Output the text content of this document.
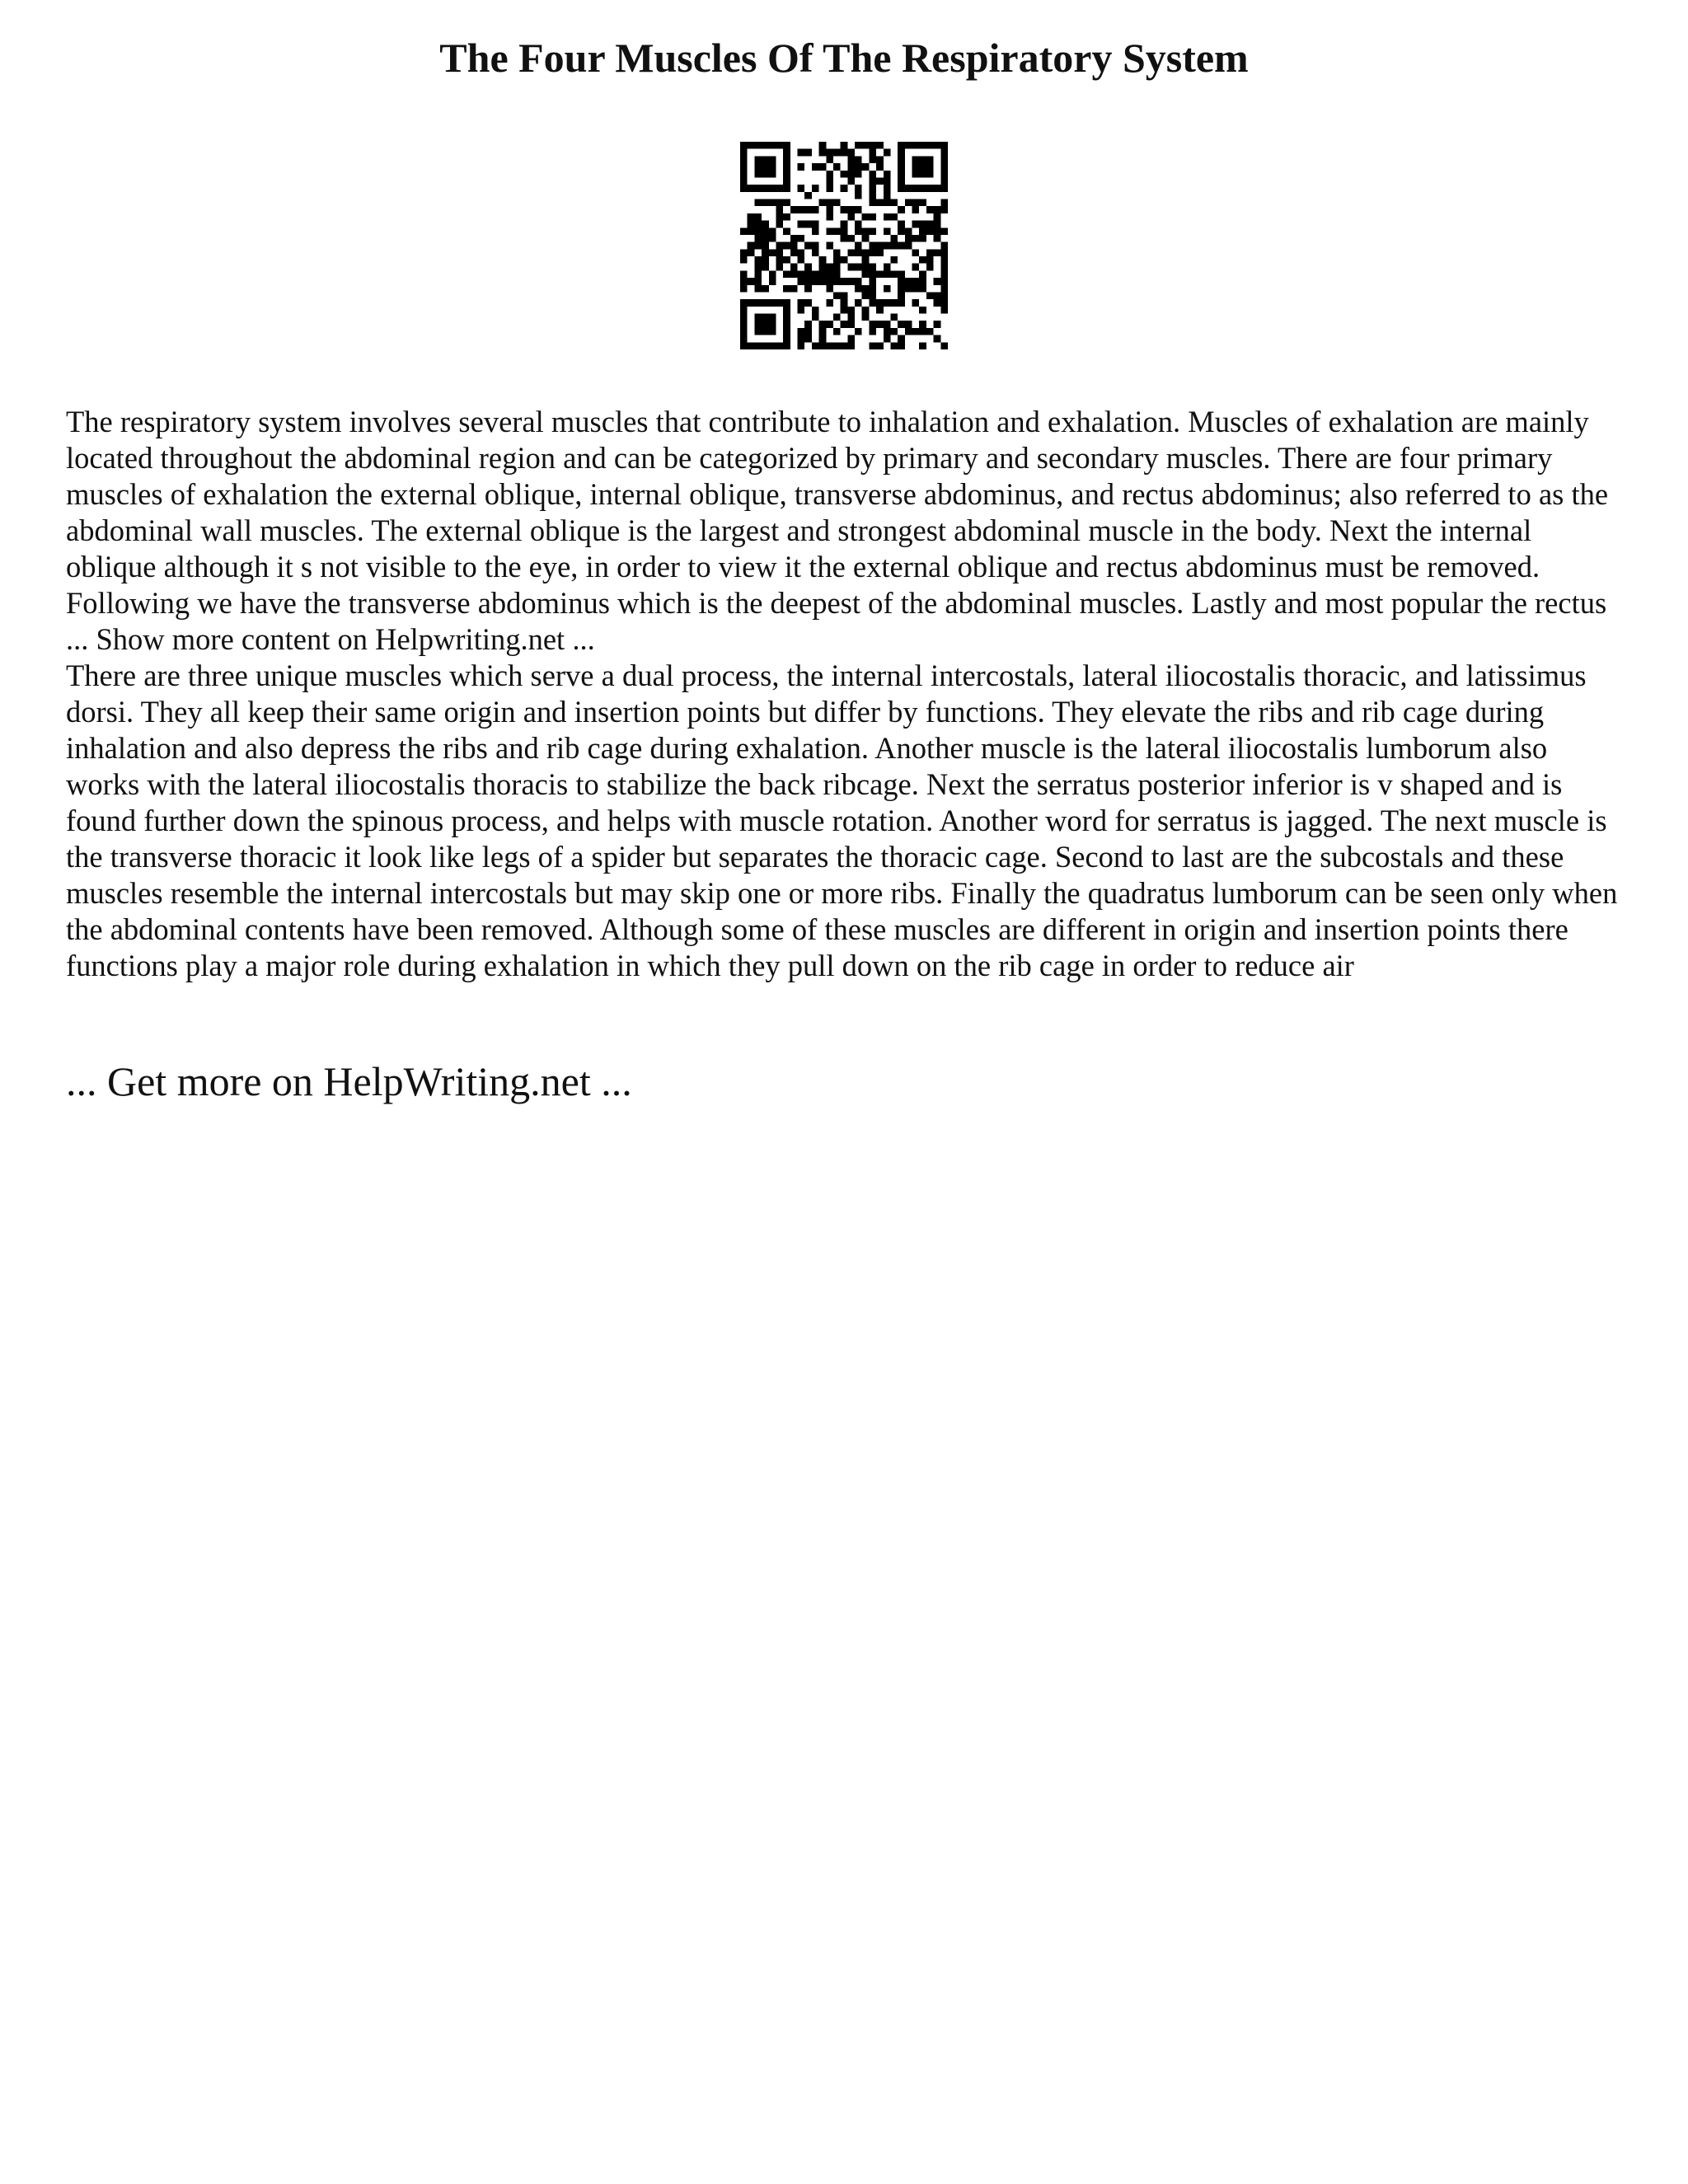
The Four Muscles Of The Respiratory System

The respiratory system involves several muscles that contribute to inhalation and exhalation. Muscles of exhalation are mainly located throughout the abdominal region and can be categorized by primary and secondary muscles. There are four primary muscles of exhalation the external oblique, internal oblique, transverse abdominus, and rectus abdominus; also referred to as the abdominal wall muscles. The external oblique is the largest and strongest abdominal muscle in the body. Next the internal oblique although it s not visible to the eye, in order to view it the external oblique and rectus abdominus must be removed. Following we have the transverse abdominus which is the deepest of the abdominal muscles. Lastly and most popular the rectus ... Show more content on Helpwriting.net ...

There are three unique muscles which serve a dual process, the internal intercostals, lateral iliocostalis thoracic, and latissimus dorsi. They all keep their same origin and insertion points but differ by functions. They elevate the ribs and rib cage during inhalation and also depress the ribs and rib cage during exhalation. Another muscle is the lateral iliocostalis lumborum also works with the lateral iliocostalis thoracis to stabilize the back ribcage. Next the serratus posterior inferior is v shaped and is found further down the spinous process, and helps with muscle rotation. Another word for serratus is jagged. The next muscle is the transverse thoracic it look like legs of a spider but separates the thoracic cage. Second to last are the subcostals and these muscles resemble the internal intercostals but may skip one or more ribs. Finally the quadratus lumborum can be seen only when the abdominal contents have been removed. Although some of these muscles are different in origin and insertion points there functions play a major role during exhalation in which they pull down on the rib cage in order to reduce air

... Get more on HelpWriting.net ...
